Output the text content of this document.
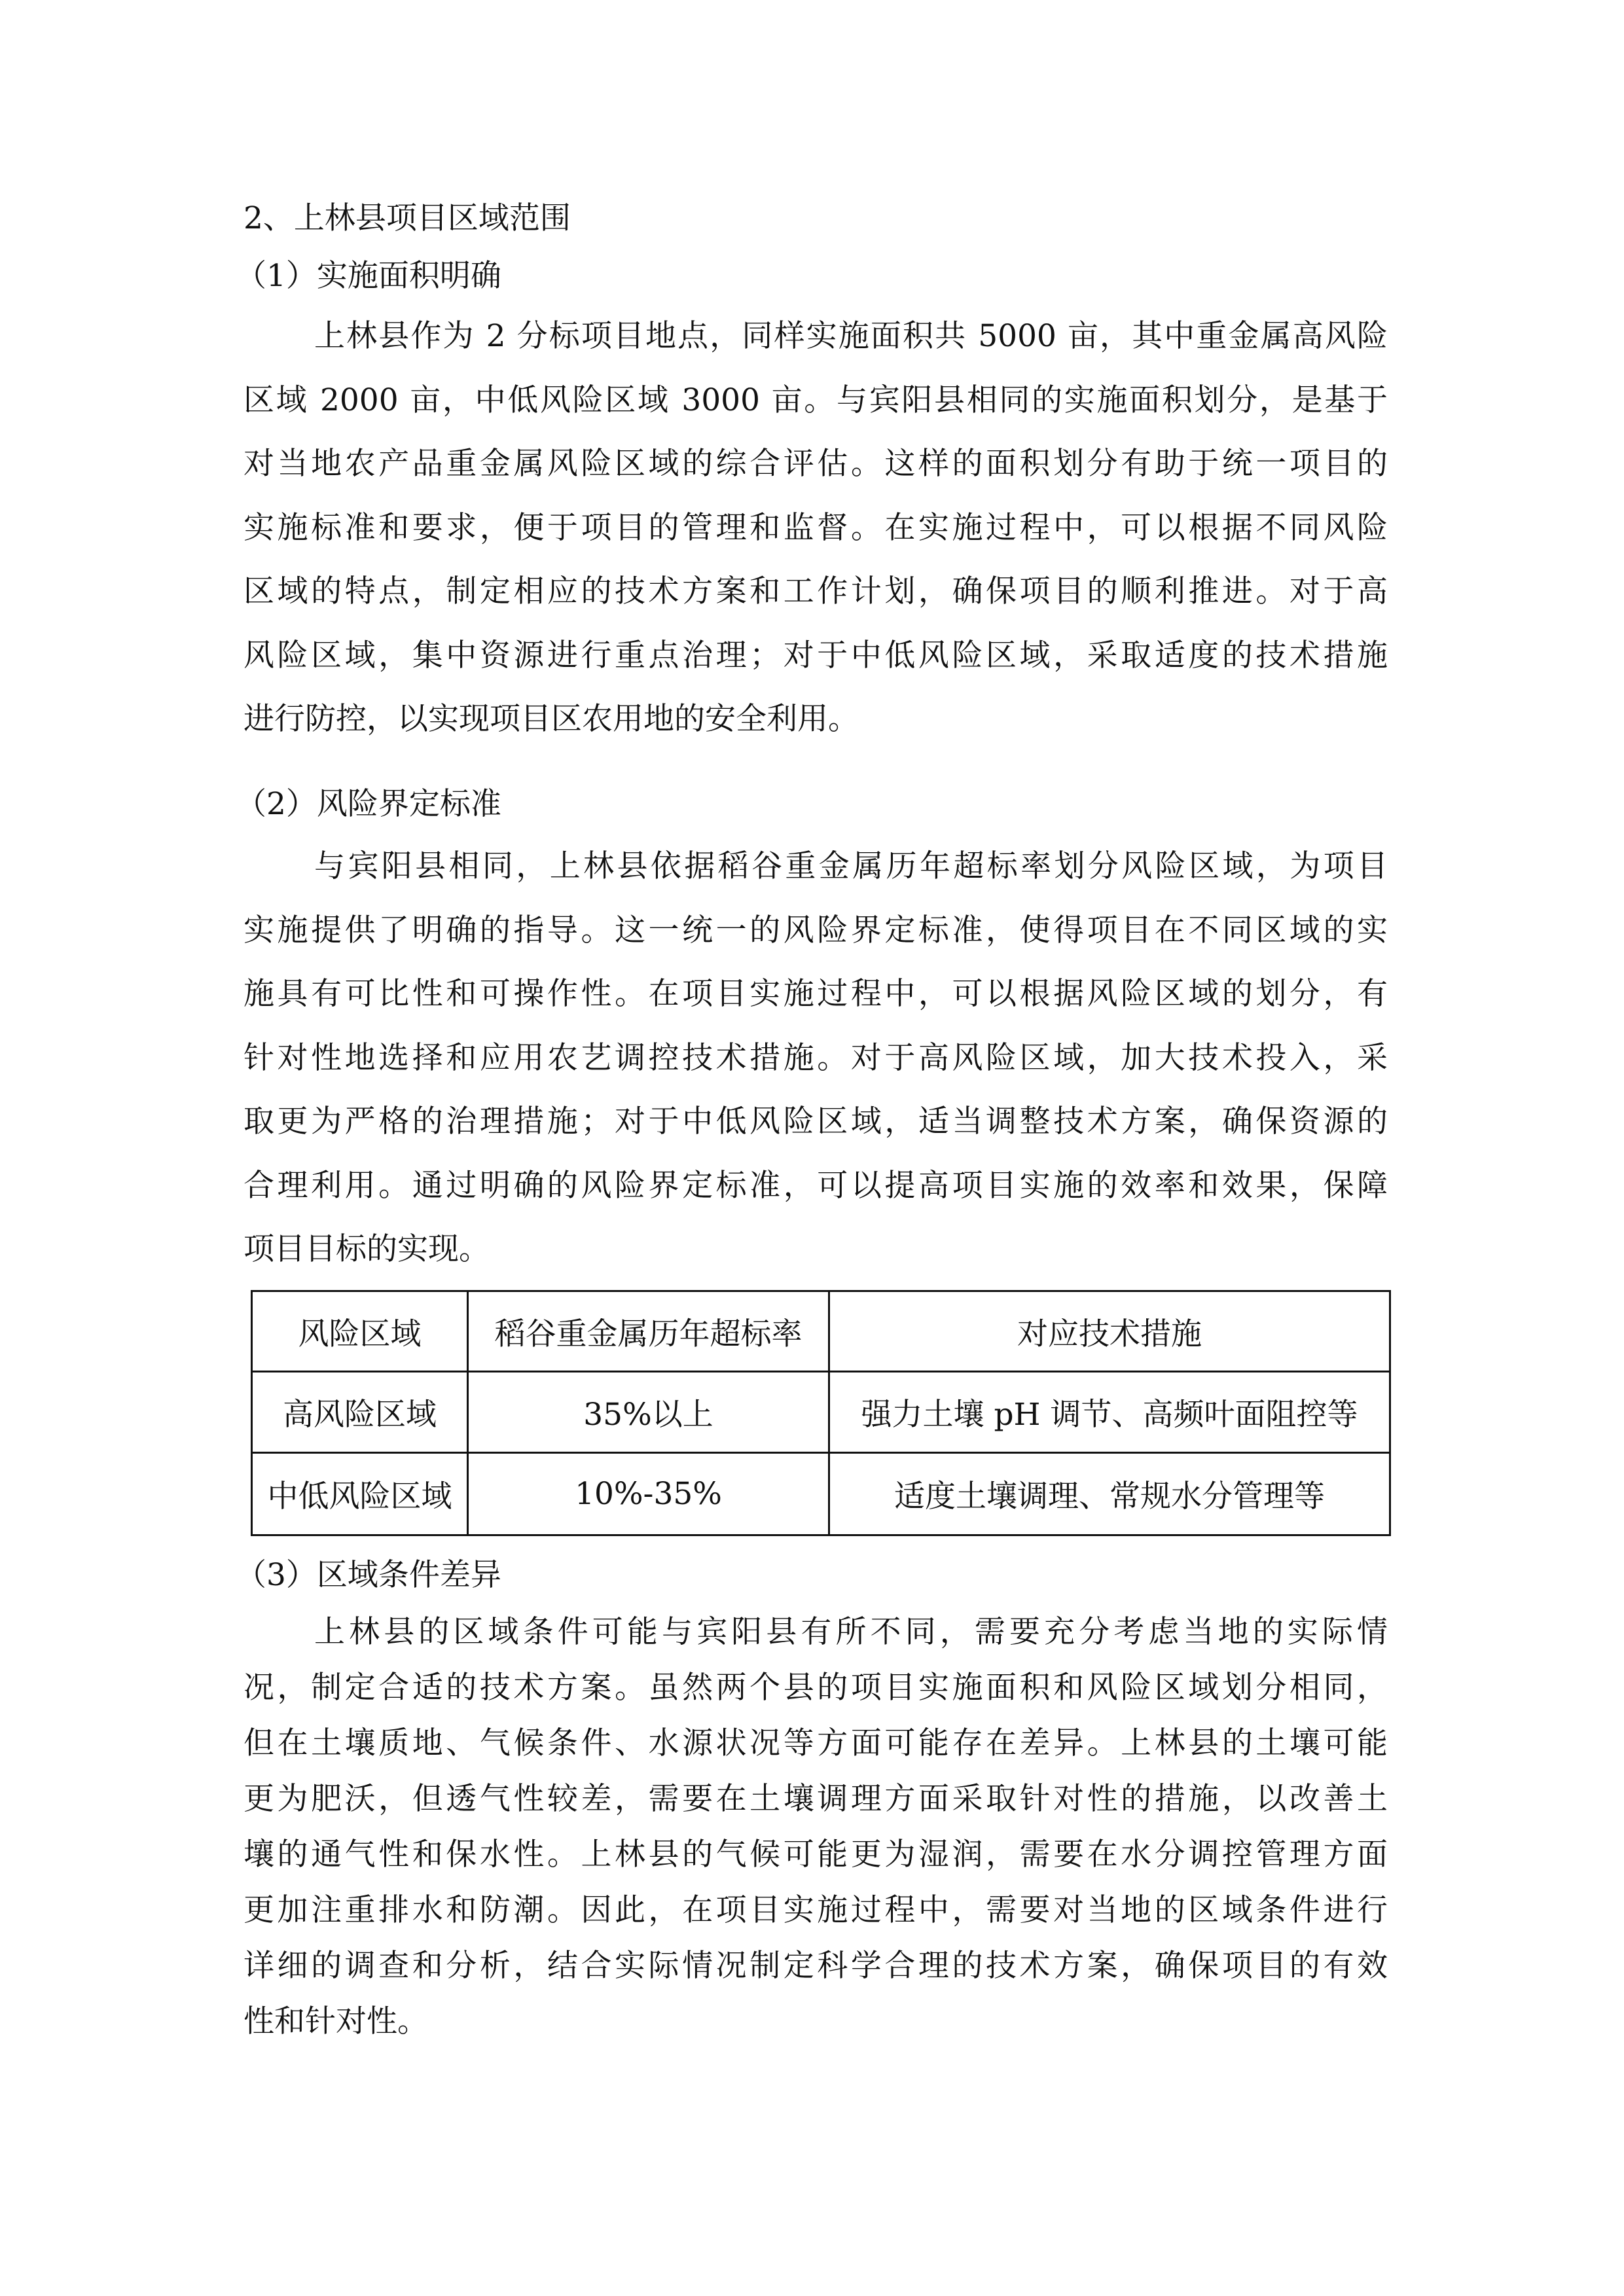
2、上林县项目区域范围
风险区域	稻谷重金属历年超标率	对应技术措施
高风险区域	35%以上	强力土壤 pH 调节、高频叶面阻控等
中低风险区域	10%-35%	适度土壤调理、常规水分管理等
（1）实施面积明确
上林县作为 2 分标项目地点，同样实施面积共 5000 亩，其中重金属高风险
区域 2000 亩，中低风险区域 3000 亩。与宾阳县相同的实施面积划分，是基于
对当地农产品重金属风险区域的综合评估。这样的面积划分有助于统一项目的
实施标准和要求，便于项目的管理和监督。在实施过程中，可以根据不同风险
区域的特点，制定相应的技术方案和工作计划，确保项目的顺利推进。对于高
风险区域，集中资源进行重点治理；对于中低风险区域，采取适度的技术措施
进行防控，以实现项目区农用地的安全利用。
（2）风险界定标准
与宾阳县相同，上林县依据稻谷重金属历年超标率划分风险区域，为项目
实施提供了明确的指导。这一统一的风险界定标准，使得项目在不同区域的实
施具有可比性和可操作性。在项目实施过程中，可以根据风险区域的划分，有
针对性地选择和应用农艺调控技术措施。对于高风险区域，加大技术投入，采
取更为严格的治理措施；对于中低风险区域，适当调整技术方案，确保资源的
合理利用。通过明确的风险界定标准，可以提高项目实施的效率和效果，保障
项目目标的实现。
（3）区域条件差异
上林县的区域条件可能与宾阳县有所不同，需要充分考虑当地的实际情
况，制定合适的技术方案。虽然两个县的项目实施面积和风险区域划分相同，
但在土壤质地、气候条件、水源状况等方面可能存在差异。上林县的土壤可能
更为肥沃，但透气性较差，需要在土壤调理方面采取针对性的措施，以改善土
壤的通气性和保水性。上林县的气候可能更为湿润，需要在水分调控管理方面
更加注重排水和防潮。因此，在项目实施过程中，需要对当地的区域条件进行
详细的调查和分析，结合实际情况制定科学合理的技术方案，确保项目的有效
性和针对性。
